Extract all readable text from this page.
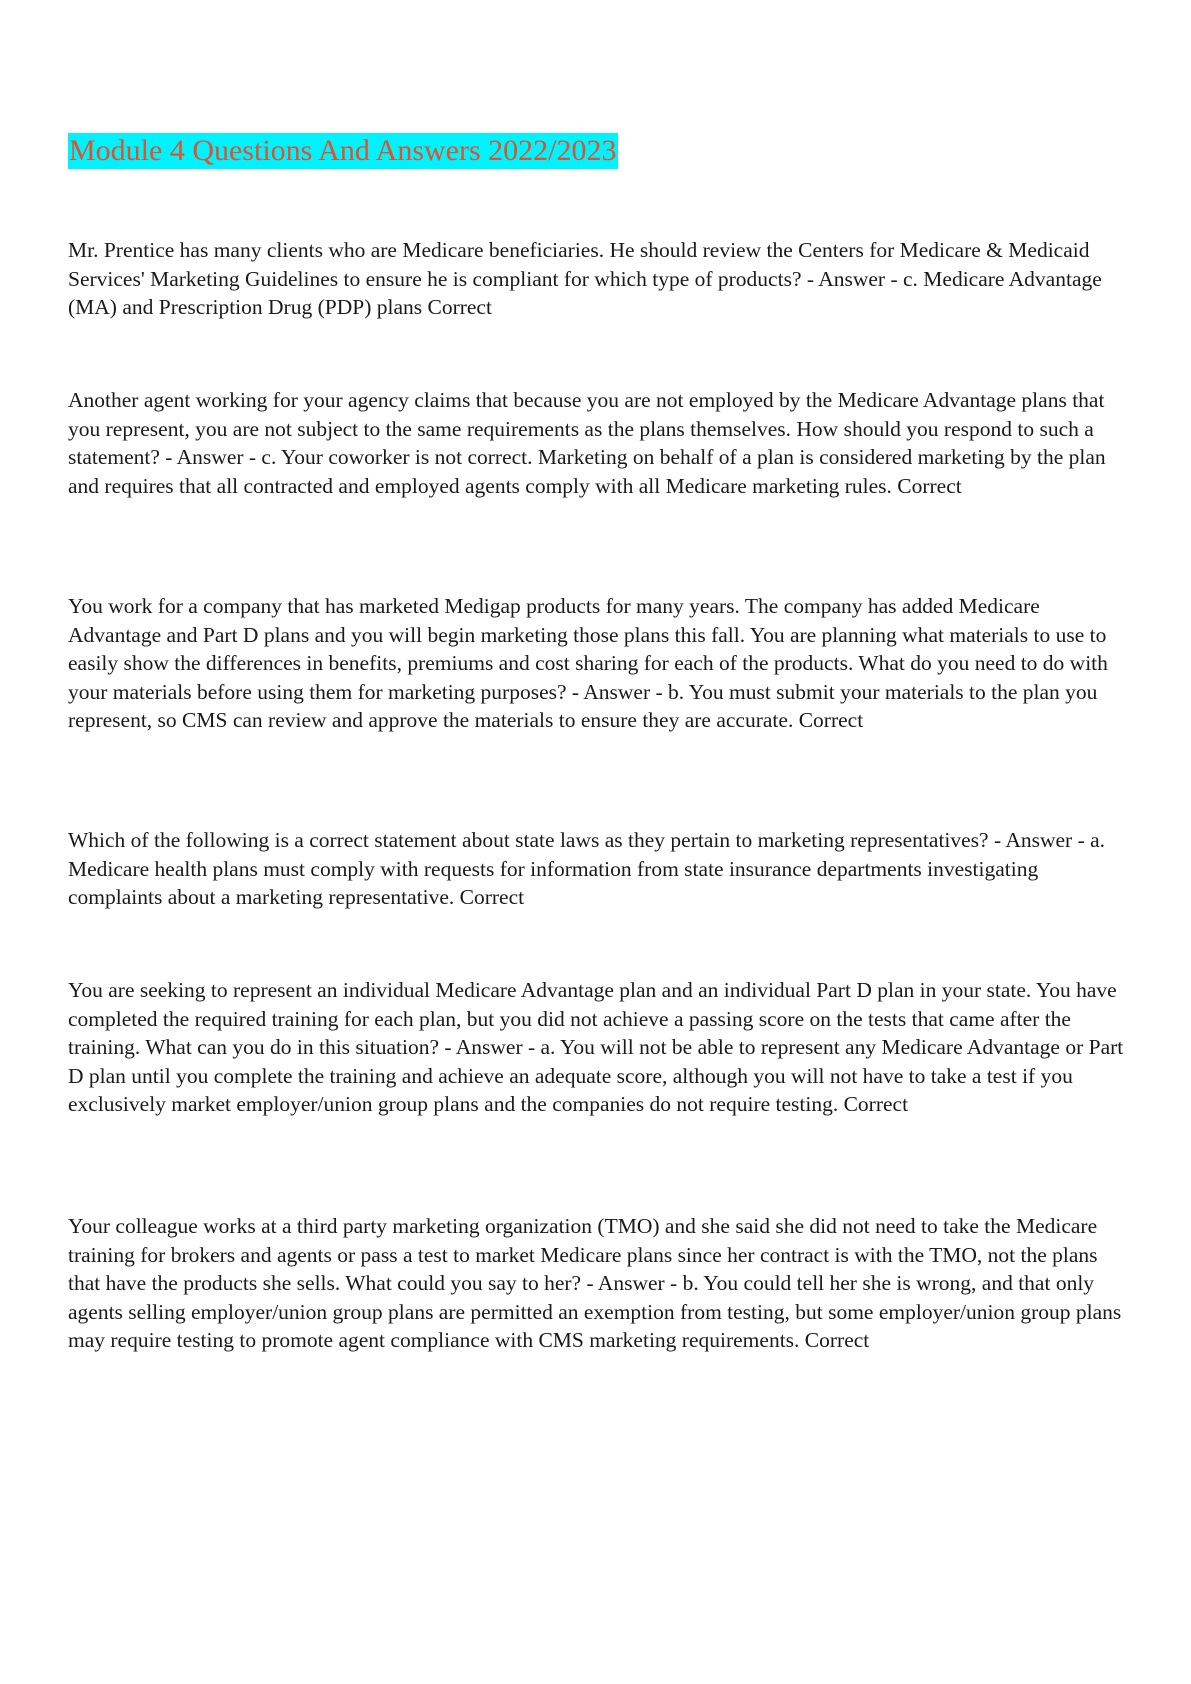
Module 4 Questions And Answers 2022/2023

Mr. Prentice has many clients who are Medicare beneficiaries. He should review the Centers for Medicare & Medicaid Services' Marketing Guidelines to ensure he is compliant for which type of products? - Answer - c. Medicare Advantage (MA) and Prescription Drug (PDP) plans Correct

Another agent working for your agency claims that because you are not employed by the Medicare Advantage plans that you represent, you are not subject to the same requirements as the plans themselves. How should you respond to such a statement? - Answer - c. Your coworker is not correct. Marketing on behalf of a plan is considered marketing by the plan and requires that all contracted and employed agents comply with all Medicare marketing rules. Correct

You work for a company that has marketed Medigap products for many years. The company has added Medicare Advantage and Part D plans and you will begin marketing those plans this fall. You are planning what materials to use to easily show the differences in benefits, premiums and cost sharing for each of the products. What do you need to do with your materials before using them for marketing purposes? - Answer - b. You must submit your materials to the plan you represent, so CMS can review and approve the materials to ensure they are accurate. Correct

Which of the following is a correct statement about state laws as they pertain to marketing representatives? - Answer - a. Medicare health plans must comply with requests for information from state insurance departments investigating complaints about a marketing representative. Correct

You are seeking to represent an individual Medicare Advantage plan and an individual Part D plan in your state. You have completed the required training for each plan, but you did not achieve a passing score on the tests that came after the training. What can you do in this situation? - Answer - a. You will not be able to represent any Medicare Advantage or Part D plan until you complete the training and achieve an adequate score, although you will not have to take a test if you exclusively market employer/union group plans and the companies do not require testing. Correct

Your colleague works at a third party marketing organization (TMO) and she said she did not need to take the Medicare training for brokers and agents or pass a test to market Medicare plans since her contract is with the TMO, not the plans that have the products she sells. What could you say to her? - Answer - b. You could tell her she is wrong, and that only agents selling employer/union group plans are permitted an exemption from testing, but some employer/union group plans may require testing to promote agent compliance with CMS marketing requirements. Correct
